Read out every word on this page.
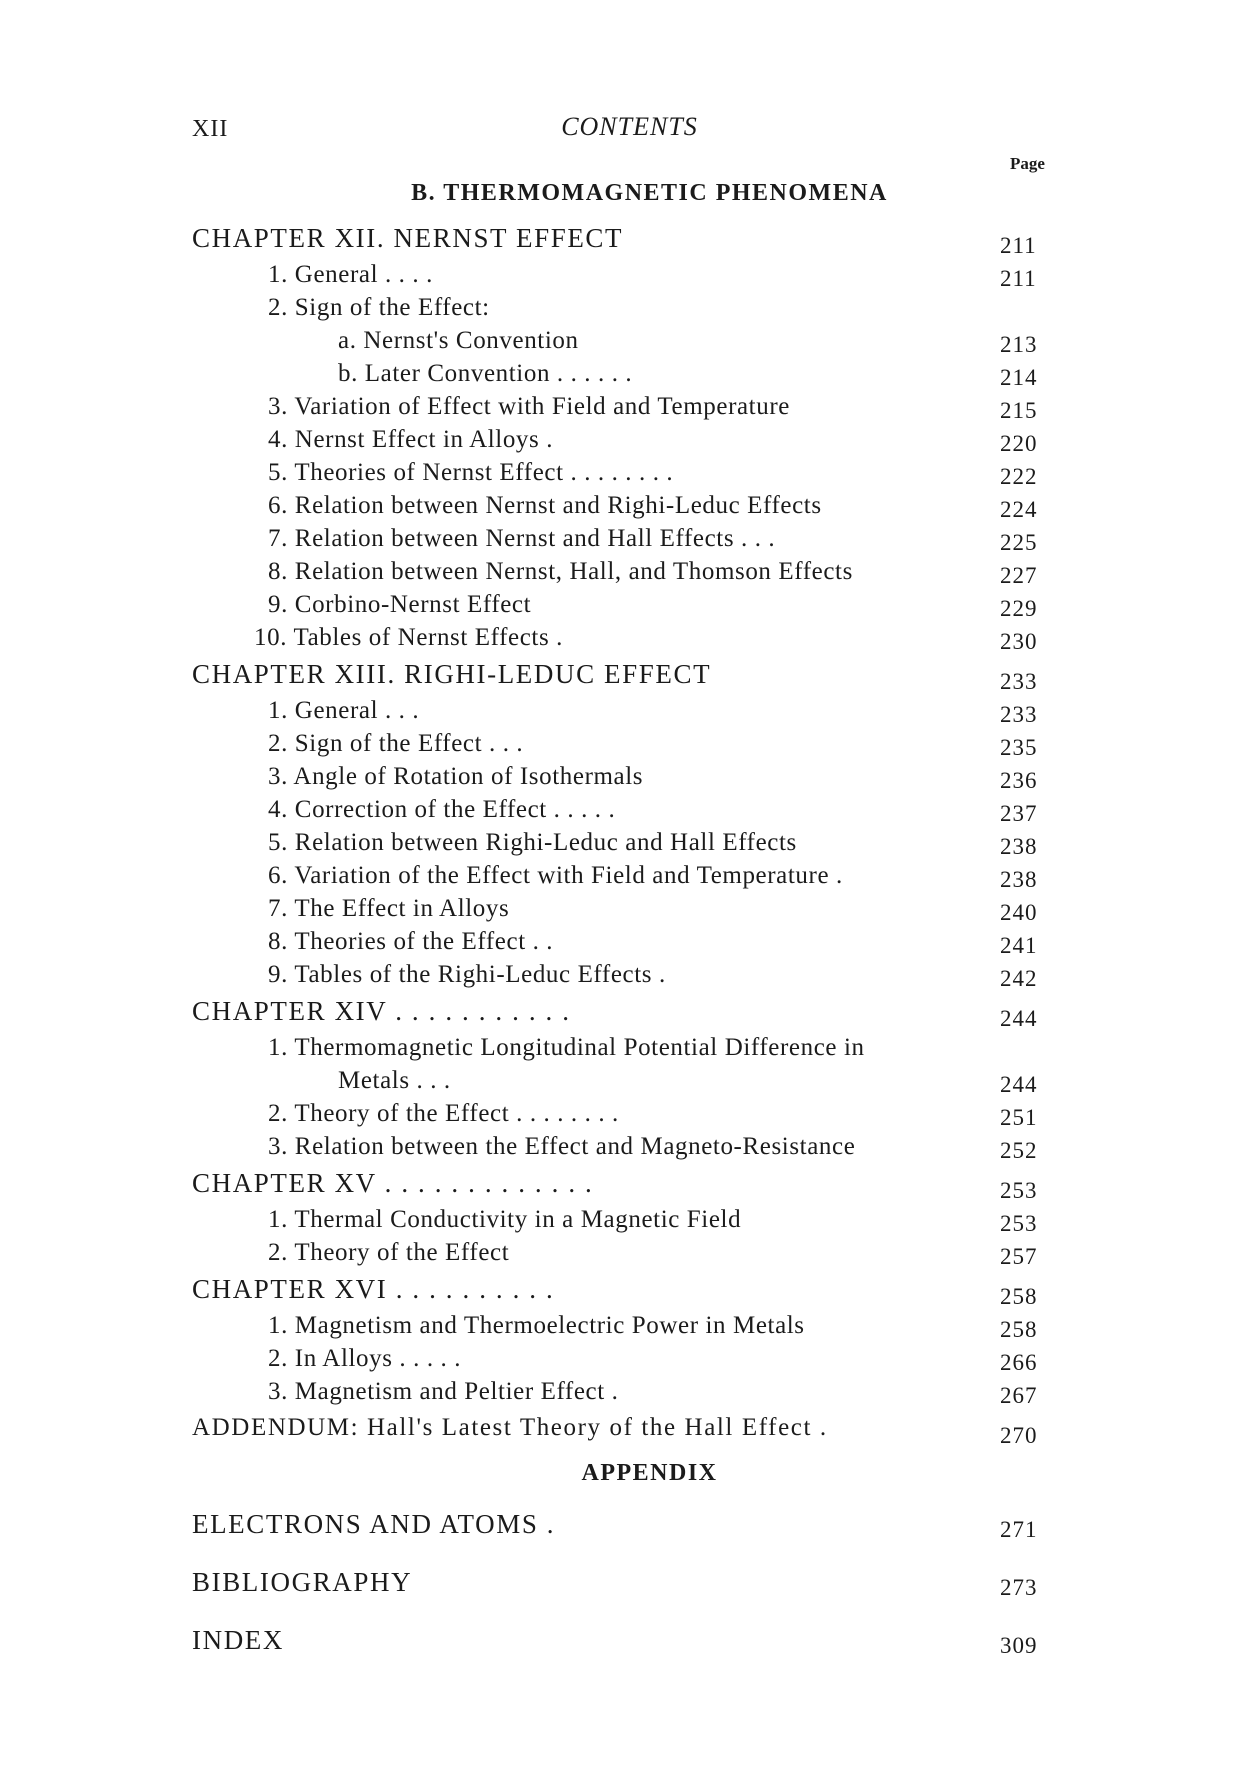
XII	CONTENTS
Page
B. THERMOMAGNETIC PHENOMENA
CHAPTER XII. NERNST EFFECT	211
1. General . . . .	211
2. Sign of the Effect:
a. Nernst's Convention	213
b. Later Convention . . . . . .	214
3. Variation of Effect with Field and Temperature	215
4. Nernst Effect in Alloys .	220
5. Theories of Nernst Effect . . . . . . . .	222
6. Relation between Nernst and Righi-Leduc Effects	224
7. Relation between Nernst and Hall Effects . . .	225
8. Relation between Nernst, Hall, and Thomson Effects	227
9. Corbino-Nernst Effect	229
10. Tables of Nernst Effects .	230
CHAPTER XIII. RIGHI-LEDUC EFFECT	233
1. General . . .	233
2. Sign of the Effect . . .	235
3. Angle of Rotation of Isothermals	236
4. Correction of the Effect . . . . .	237
5. Relation between Righi-Leduc and Hall Effects	238
6. Variation of the Effect with Field and Temperature .	238
7. The Effect in Alloys	240
8. Theories of the Effect . .	241
9. Tables of the Righi-Leduc Effects .	242
CHAPTER XIV . . . . . . . . . . .	244
1. Thermomagnetic Longitudinal Potential Difference in
Metals . . .	244
2. Theory of the Effect . . . . . . . .	251
3. Relation between the Effect and Magneto-Resistance	252
CHAPTER XV . . . . . . . . . . . . .	253
1. Thermal Conductivity in a Magnetic Field	253
2. Theory of the Effect	257
CHAPTER XVI . . . . . . . . . .	258
1. Magnetism and Thermoelectric Power in Metals	258
2. In Alloys . . . . .	266
3. Magnetism and Peltier Effect .	267
ADDENDUM: Hall's Latest Theory of the Hall Effect .	270
APPENDIX
ELECTRONS AND ATOMS .	271
BIBLIOGRAPHY	273
INDEX	309
